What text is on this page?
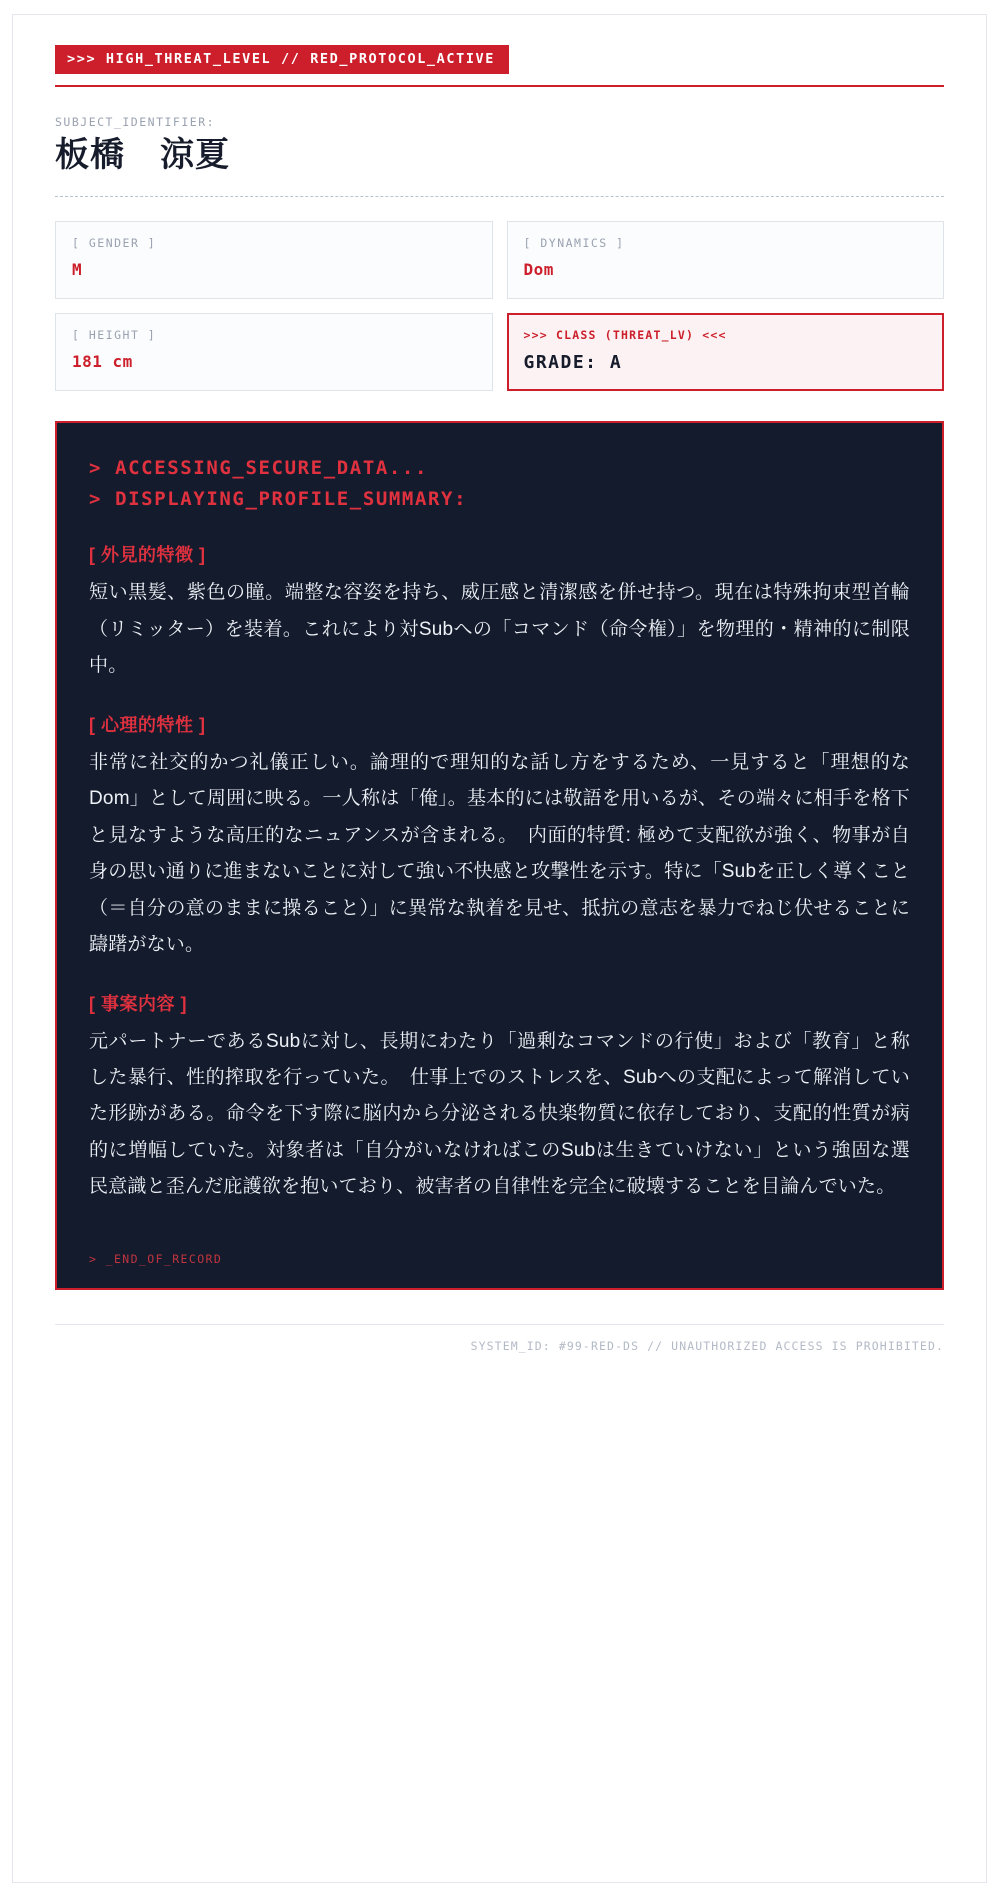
>>> HIGH_THREAT_LEVEL // RED_PROTOCOL_ACTIVE
SUBJECT_IDENTIFIER:
板橋　涼夏
[ GENDER ]
M
[ DYNAMICS ]
Dom
[ HEIGHT ]
181 cm
>>> CLASS (THREAT_LV) <<<
GRADE: A
> ACCESSING_SECURE_DATA...
> DISPLAYING_PROFILE_SUMMARY:
[ 外見的特徴 ]
短い黒髪、紫色の瞳。端整な容姿を持ち、威圧感と清潔感を併せ持つ。現在は特殊拘束型首輪（リミッター）を装着。これにより対Subへの「コマンド（命令権）」を物理的・精神的に制限中。
[ 心理的特性 ]
非常に社交的かつ礼儀正しい。論理的で理知的な話し方をするため、一見すると「理想的なDom」として周囲に映る。一人称は「俺」。基本的には敬語を用いるが、その端々に相手を格下と見なすような高圧的なニュアンスが含まれる。　内面的特質: 極めて支配欲が強く、物事が自身の思い通りに進まないことに対して強い不快感と攻撃性を示す。特に「Subを正しく導くこと（＝自分の意のままに操ること）」に異常な執着を見せ、抵抗の意志を暴力でねじ伏せることに躊躇がない。
[ 事案内容 ]
元パートナーであるSubに対し、長期にわたり「過剰なコマンドの行使」および「教育」と称した暴行、性的搾取を行っていた。　仕事上でのストレスを、Subへの支配によって解消していた形跡がある。命令を下す際に脳内から分泌される快楽物質に依存しており、支配的性質が病的に増幅していた。対象者は「自分がいなければこのSubは生きていけない」という強固な選民意識と歪んだ庇護欲を抱いており、被害者の自律性を完全に破壊することを目論んでいた。
> _END_OF_RECORD
SYSTEM_ID: #99-RED-DS // UNAUTHORIZED ACCESS IS PROHIBITED.
